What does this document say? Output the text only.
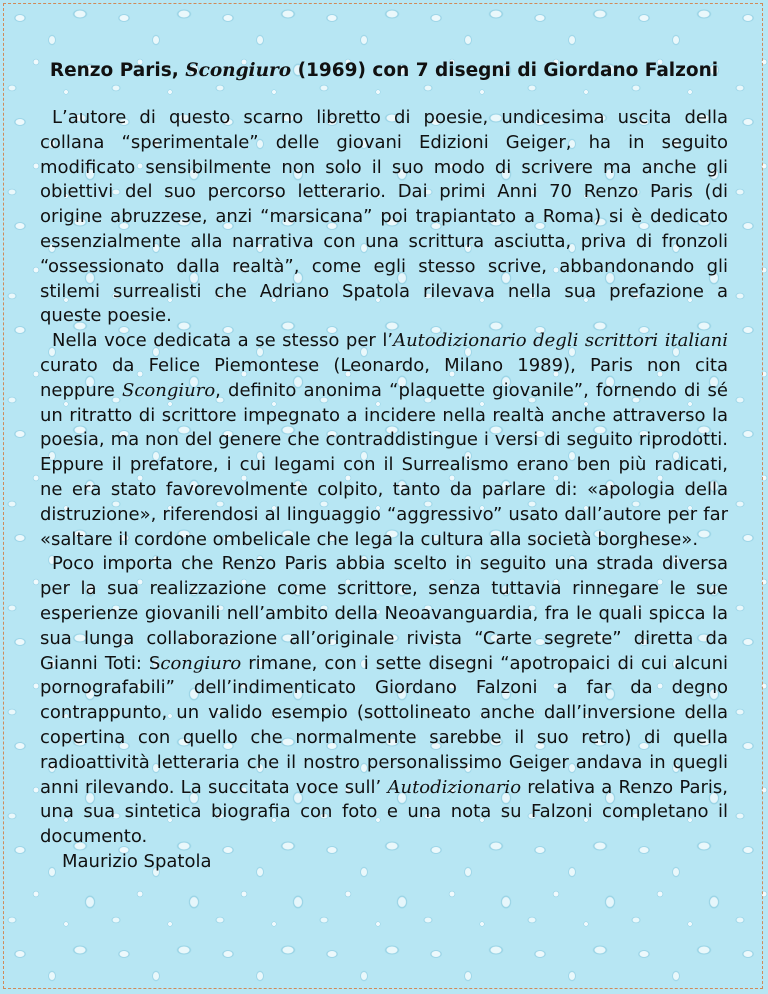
Renzo Paris, Scongiuro (1969) con 7 disegni di Giordano Falzoni

L’autore di questo scarno libretto di poesie, undicesima uscita della collana “sperimentale” delle giovani Edizioni Geiger, ha in seguito modificato sensibilmente non solo il suo modo di scrivere ma anche gli obiettivi del suo percorso letterario. Dai primi Anni 70 Renzo Paris (di origine abruzzese, anzi “marsicana” poi trapiantato a Roma) si è dedicato essenzialmente alla narrativa con una scrittura asciutta, priva di fronzoli “ossessionato dalla realtà”, come egli stesso scrive, abbandonando gli stilemi surrealisti che Adriano Spatola rilevava nella sua prefazione a queste poesie.

Nella voce dedicata a se stesso per l’Autodizionario degli scrittori italiani curato da Felice Piemontese (Leonardo, Milano 1989), Paris non cita neppure Scongiuro, definito anonima “plaquette giovanile”, fornendo di sé un ritratto di scrittore impegnato a incidere nella realtà anche attraverso la poesia, ma non del genere che contraddistingue i versi di seguito riprodotti. Eppure il prefatore, i cui legami con il Surrealismo erano ben più radicati, ne era stato favorevolmente colpito, tanto da parlare di: «apologia della distruzione», riferendosi al linguaggio “aggressivo” usato dall’autore per far «saltare il cordone ombelicale che lega la cultura alla società borghese».

Poco importa che Renzo Paris abbia scelto in seguito una strada diversa per la sua realizzazione come scrittore, senza tuttavia rinnegare le sue esperienze giovanili nell’ambito della Neoavanguardia, fra le quali spicca la sua lunga collaborazione all’originale rivista “Carte segrete” diretta da Gianni Toti: Scongiuro rimane, con i sette disegni “apotropaici di cui alcuni pornografabili” dell’indimenticato Giordano Falzoni a far da degno contrappunto, un valido esempio (sottolineato anche dall’inversione della copertina con quello che normalmente sarebbe il suo retro) di quella radioattività letteraria che il nostro personalissimo Geiger andava in quegli anni rilevando. La succitata voce sull’ Autodizionario relativa a Renzo Paris, una sua sintetica biografia con foto e una nota su Falzoni completano il documento.

Maurizio Spatola
